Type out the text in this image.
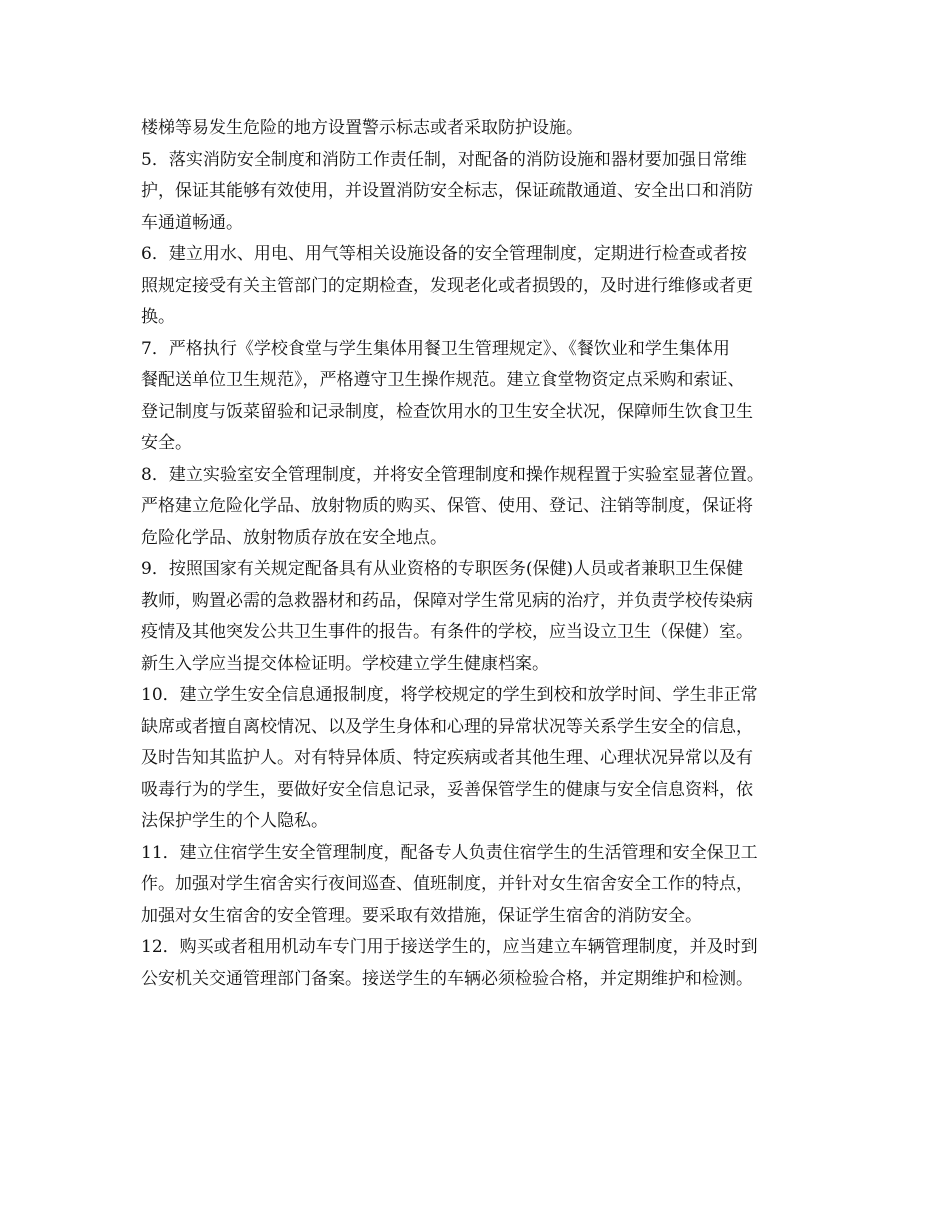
楼梯等易发生危险的地方设置警示标志或者采取防护设施。
5．落实消防安全制度和消防工作责任制，对配备的消防设施和器材要加强日常维
护，保证其能够有效使用，并设置消防安全标志，保证疏散通道、安全出口和消防
车通道畅通。
6．建立用水、用电、用气等相关设施设备的安全管理制度，定期进行检查或者按
照规定接受有关主管部门的定期检查，发现老化或者损毁的，及时进行维修或者更
换。
7．严格执行《学校食堂与学生集体用餐卫生管理规定》、《餐饮业和学生集体用
餐配送单位卫生规范》，严格遵守卫生操作规范。建立食堂物资定点采购和索证、
登记制度与饭菜留验和记录制度，检查饮用水的卫生安全状况，保障师生饮食卫生
安全。
8．建立实验室安全管理制度，并将安全管理制度和操作规程置于实验室显著位置。
严格建立危险化学品、放射物质的购买、保管、使用、登记、注销等制度，保证将
危险化学品、放射物质存放在安全地点。
9．按照国家有关规定配备具有从业资格的专职医务(保健)人员或者兼职卫生保健
教师，购置必需的急救器材和药品，保障对学生常见病的治疗，并负责学校传染病
疫情及其他突发公共卫生事件的报告。有条件的学校，应当设立卫生（保健）室。
新生入学应当提交体检证明。学校建立学生健康档案。
10．建立学生安全信息通报制度，将学校规定的学生到校和放学时间、学生非正常
缺席或者擅自离校情况、以及学生身体和心理的异常状况等关系学生安全的信息，
及时告知其监护人。对有特异体质、特定疾病或者其他生理、心理状况异常以及有
吸毒行为的学生，要做好安全信息记录，妥善保管学生的健康与安全信息资料，依
法保护学生的个人隐私。
11．建立住宿学生安全管理制度，配备专人负责住宿学生的生活管理和安全保卫工
作。加强对学生宿舍实行夜间巡查、值班制度，并针对女生宿舍安全工作的特点，
加强对女生宿舍的安全管理。要采取有效措施，保证学生宿舍的消防安全。
12．购买或者租用机动车专门用于接送学生的，应当建立车辆管理制度，并及时到
公安机关交通管理部门备案。接送学生的车辆必须检验合格，并定期维护和检测。
